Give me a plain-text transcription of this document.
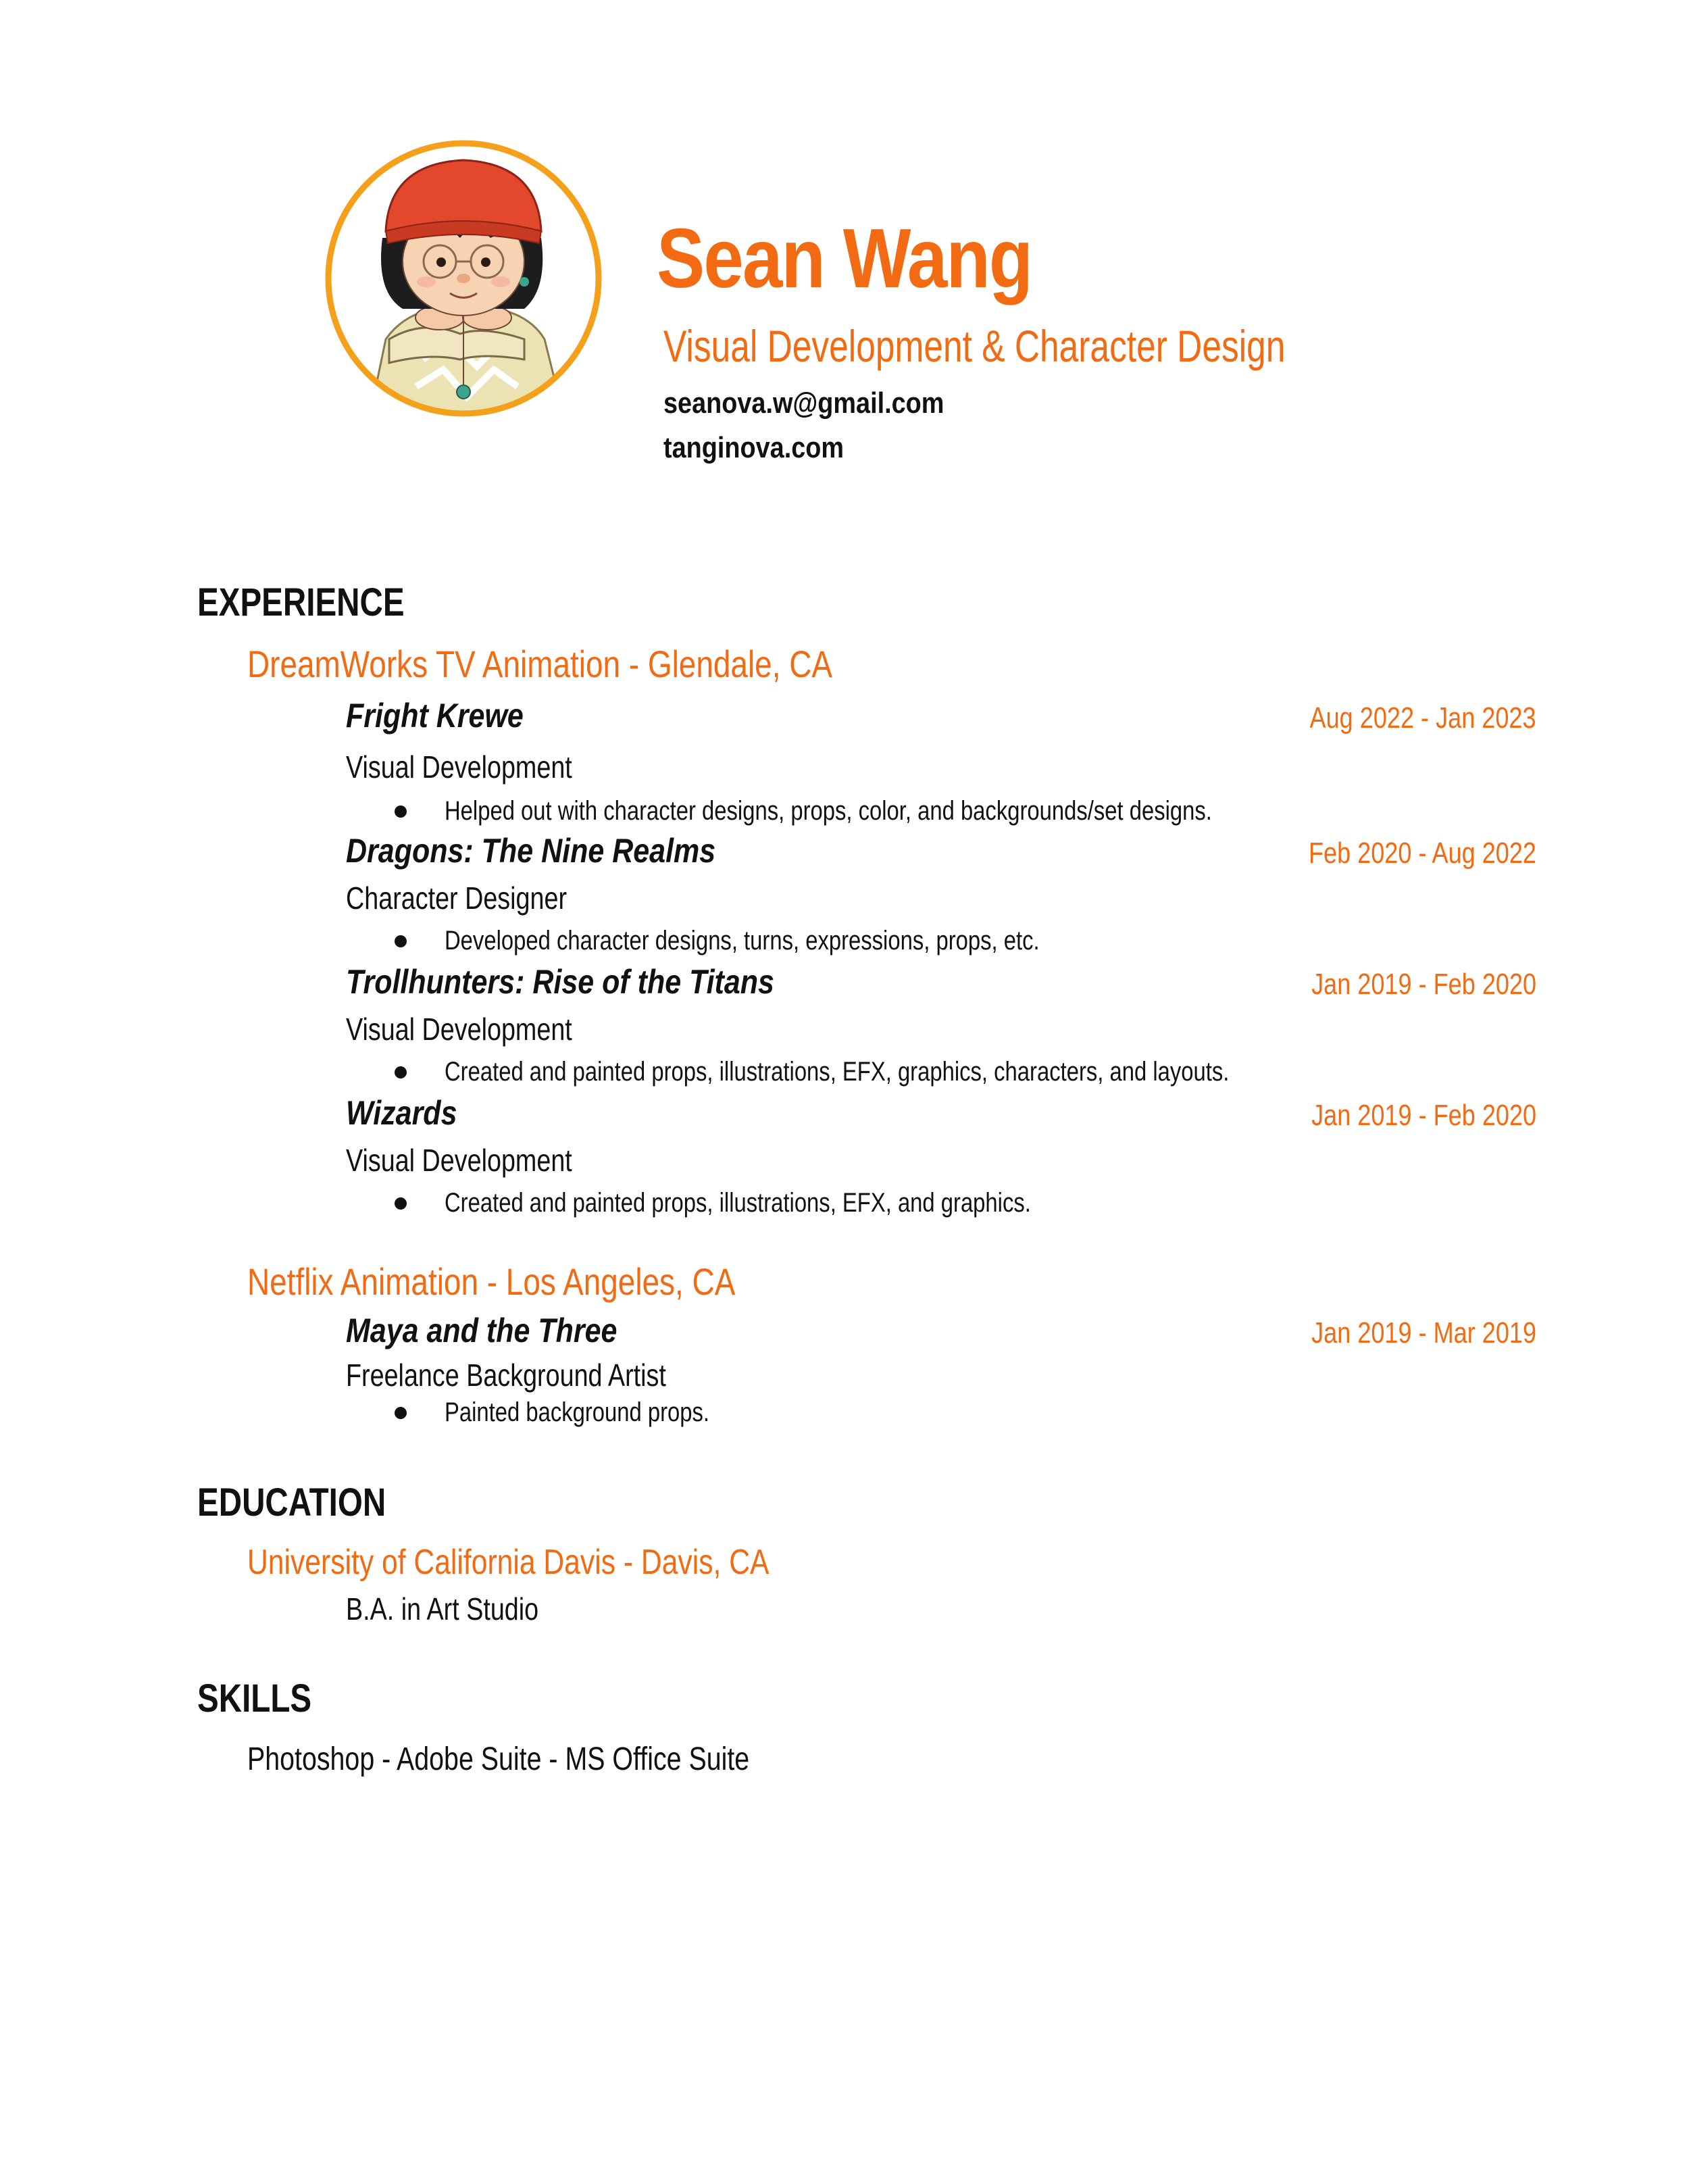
Sean Wang
Visual Development & Character Design
seanova.w@gmail.com
tanginova.com
EXPERIENCE
DreamWorks TV Animation - Glendale, CA
Fright Krewe	Aug 2022 - Jan 2023
Visual Development
Helped out with character designs, props, color, and backgrounds/set designs.
Dragons: The Nine Realms	Feb 2020 - Aug 2022
Character Designer
Developed character designs, turns, expressions, props, etc.
Trollhunters: Rise of the Titans	Jan 2019 - Feb 2020
Visual Development
Created and painted props, illustrations, EFX, graphics, characters, and layouts.
Wizards	Jan 2019 - Feb 2020
Visual Development
Created and painted props, illustrations, EFX, and graphics.
Netflix Animation - Los Angeles, CA
Maya and the Three	Jan 2019 - Mar 2019
Freelance Background Artist
Painted background props.
EDUCATION
University of California Davis - Davis, CA
B.A. in Art Studio
SKILLS
Photoshop - Adobe Suite - MS Office Suite
